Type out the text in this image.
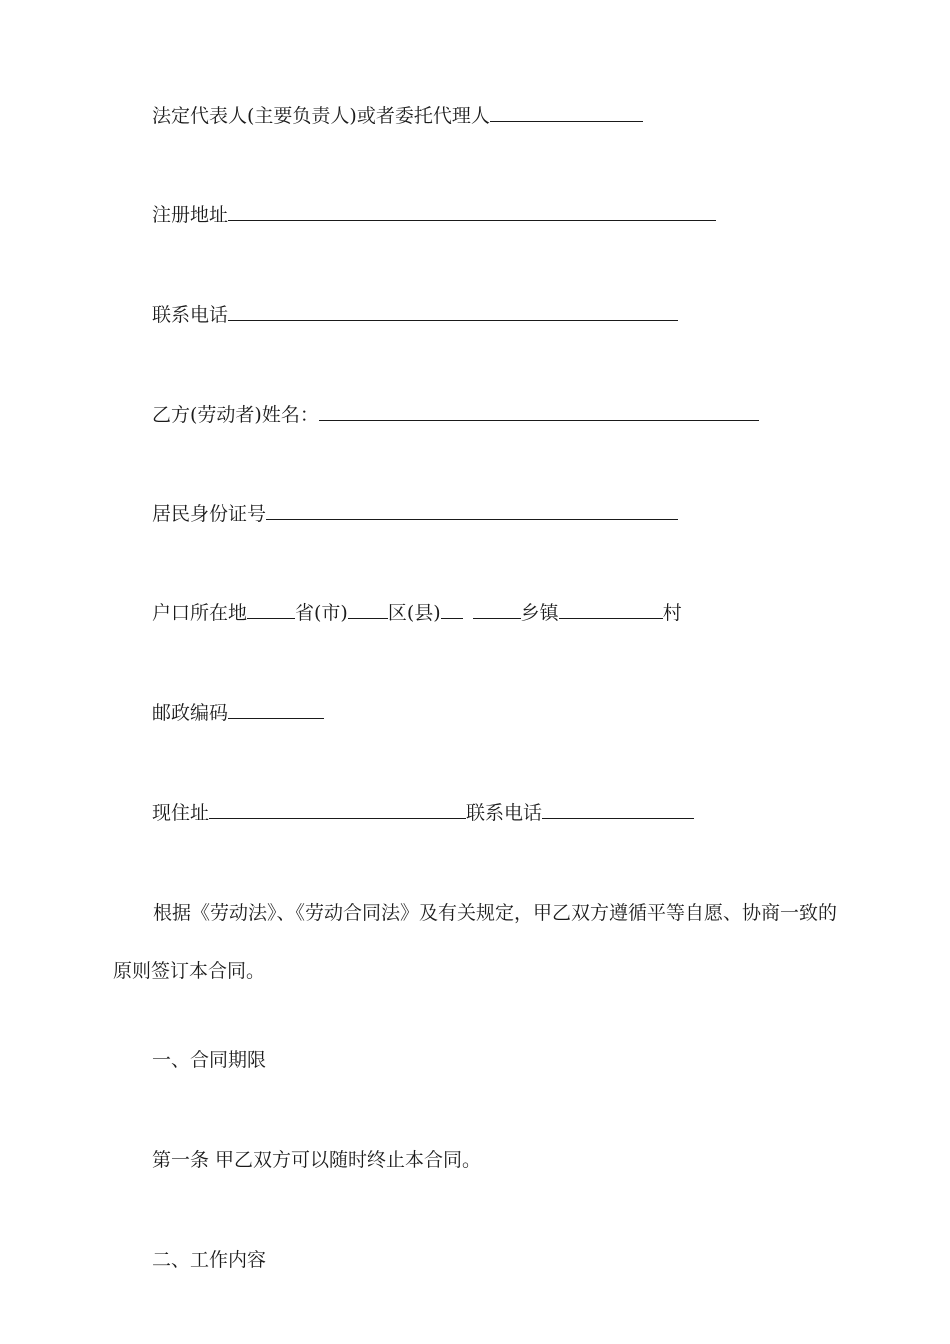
法定代表人(主要负责人)或者委托代理人
注册地址
联系电话
乙方(劳动者)姓名：
居民身份证号
户口所在地	省(市) 区(县)	乡镇	村
邮政编码
现住址	联系电话
根据《劳动法》、《劳动合同法》及有关规定，甲乙双方遵循平等自愿、协商一致的原则签订本合同。
一、合同期限
第一条 甲乙双方可以随时终止本合同。
二、工作内容
